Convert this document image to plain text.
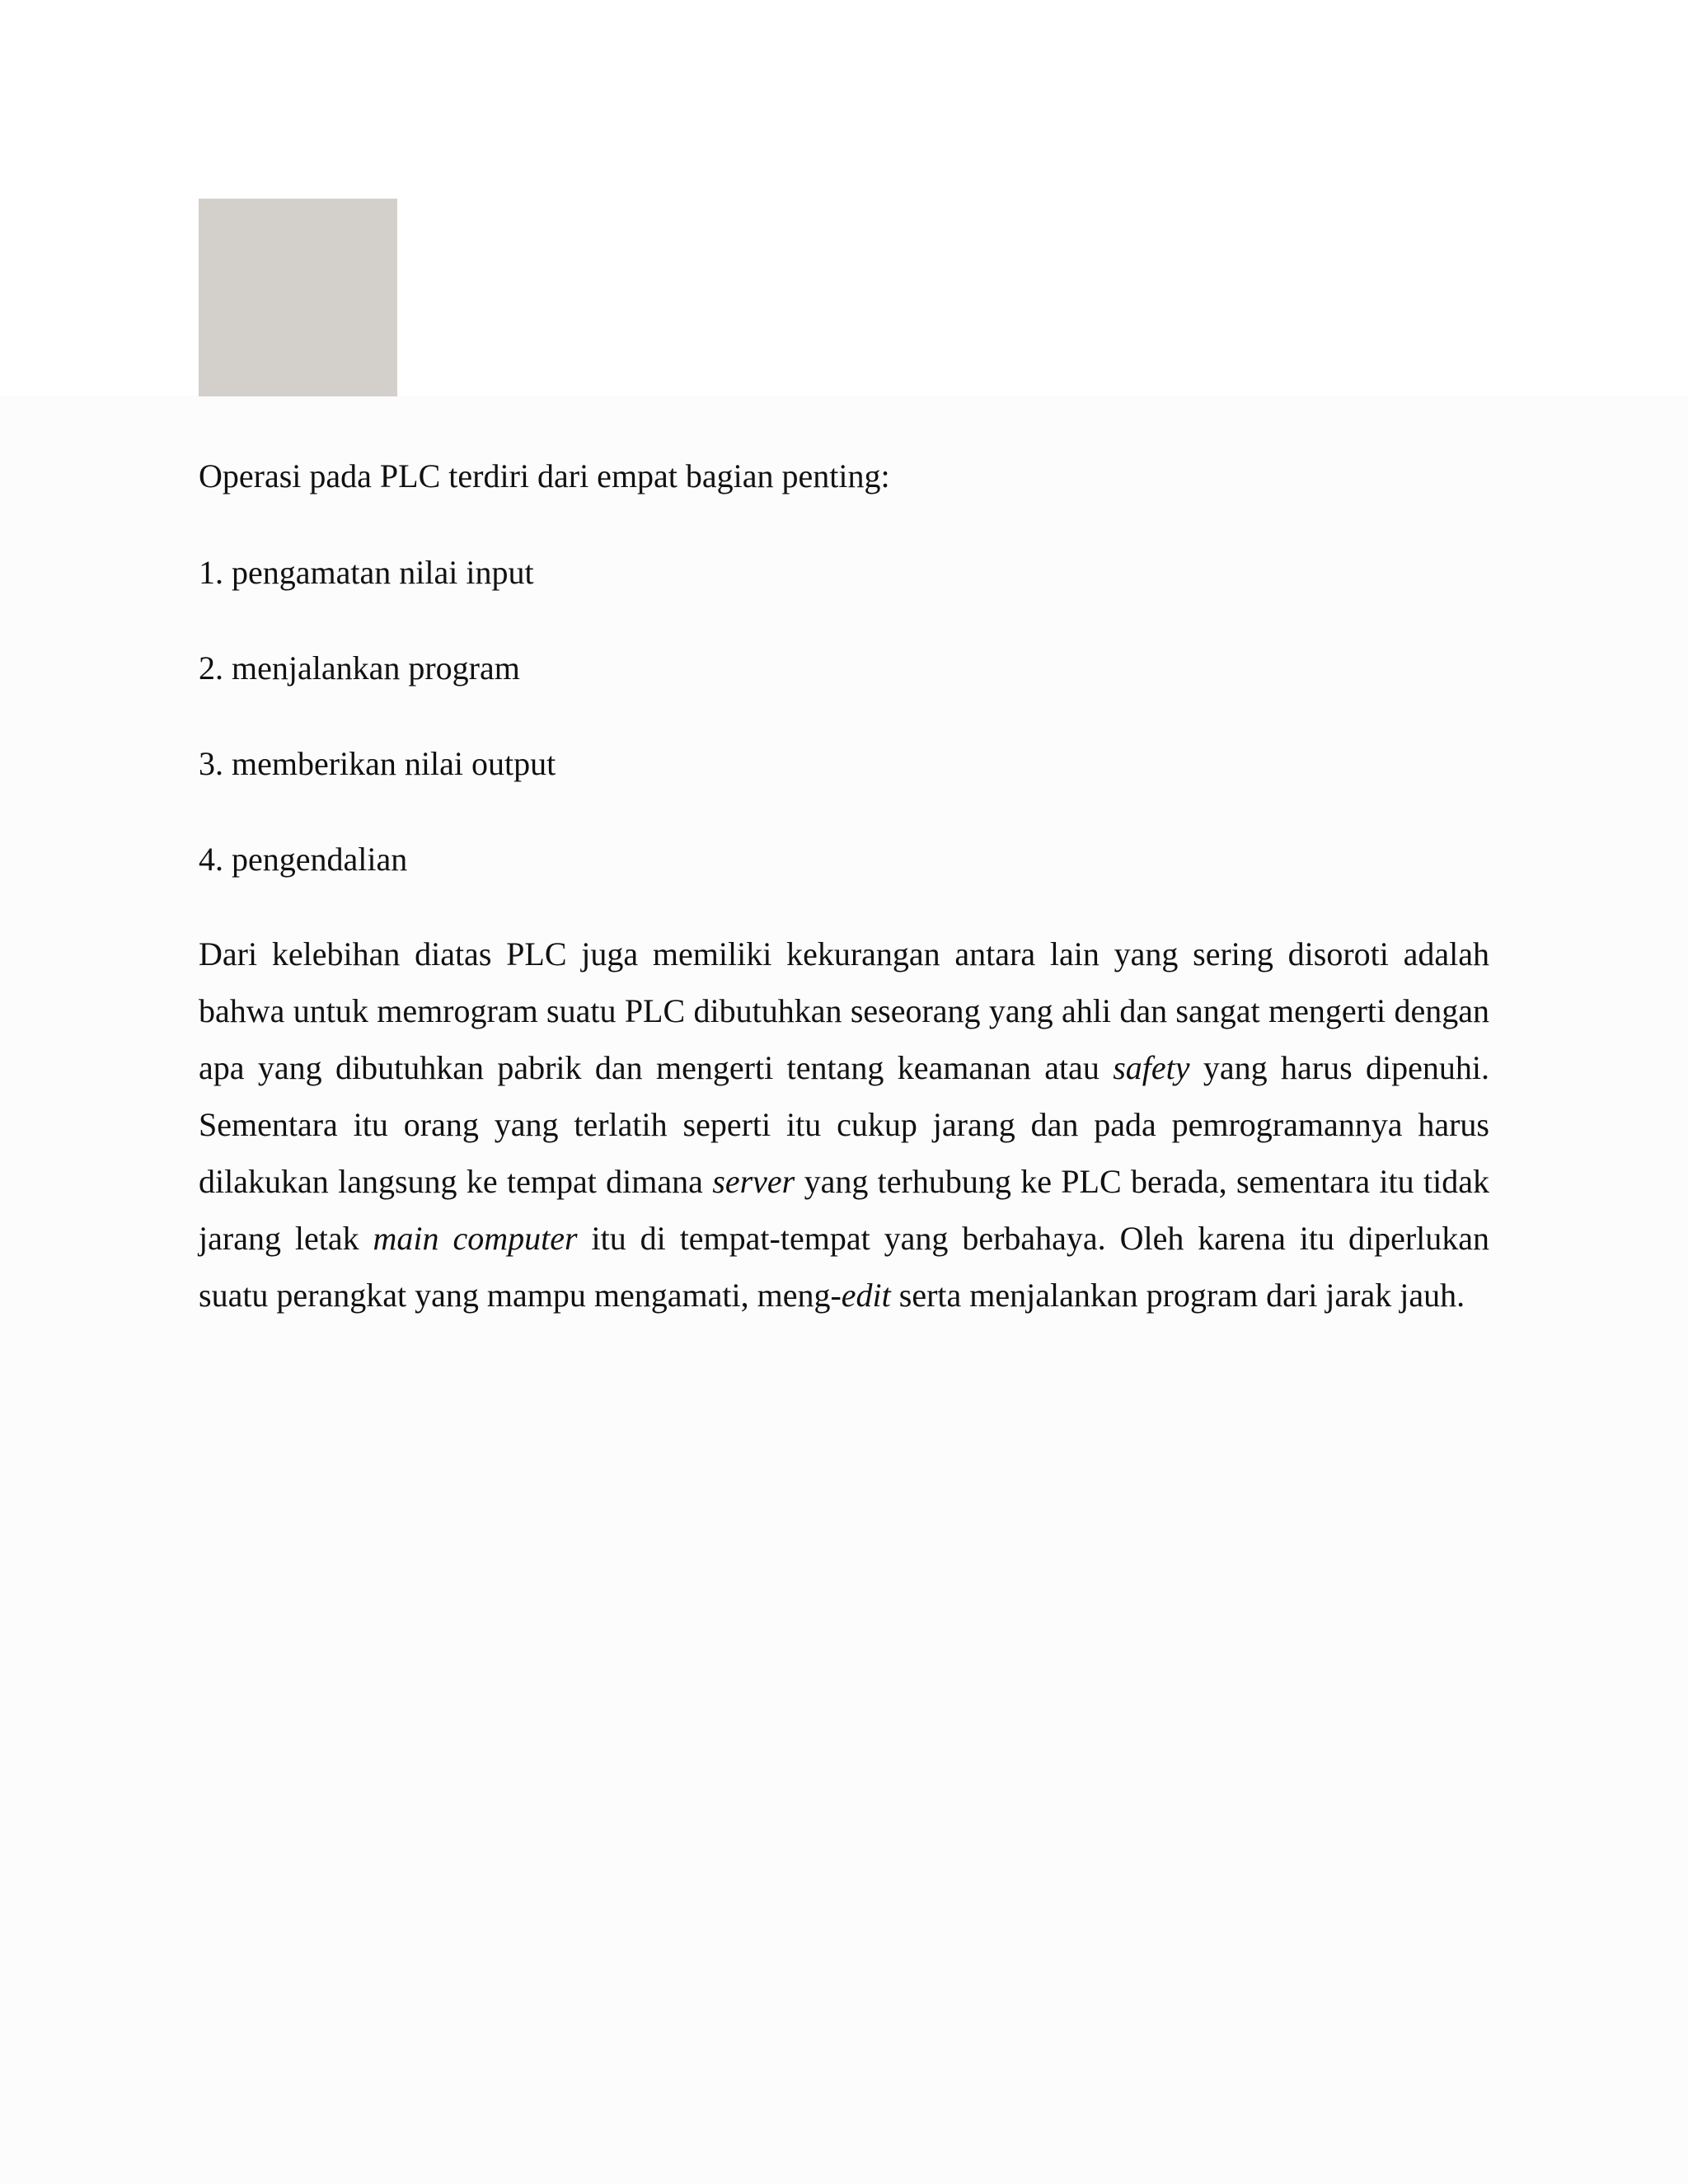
Operasi pada PLC terdiri dari empat bagian penting:

1. pengamatan nilai input

2. menjalankan program

3. memberikan nilai output

4. pengendalian

Dari kelebihan diatas PLC juga memiliki kekurangan antara lain yang sering disoroti adalah bahwa untuk memrogram suatu PLC dibutuhkan seseorang yang ahli dan sangat mengerti dengan apa yang dibutuhkan pabrik dan mengerti tentang keamanan atau safety yang harus dipenuhi. Sementara itu orang yang terlatih seperti itu cukup jarang dan pada pemrogramannya harus dilakukan langsung ke tempat dimana server yang terhubung ke PLC berada, sementara itu tidak jarang letak main computer itu di tempat-tempat yang berbahaya. Oleh karena itu diperlukan suatu perangkat yang mampu mengamati, meng-edit serta menjalankan program dari jarak jauh.
